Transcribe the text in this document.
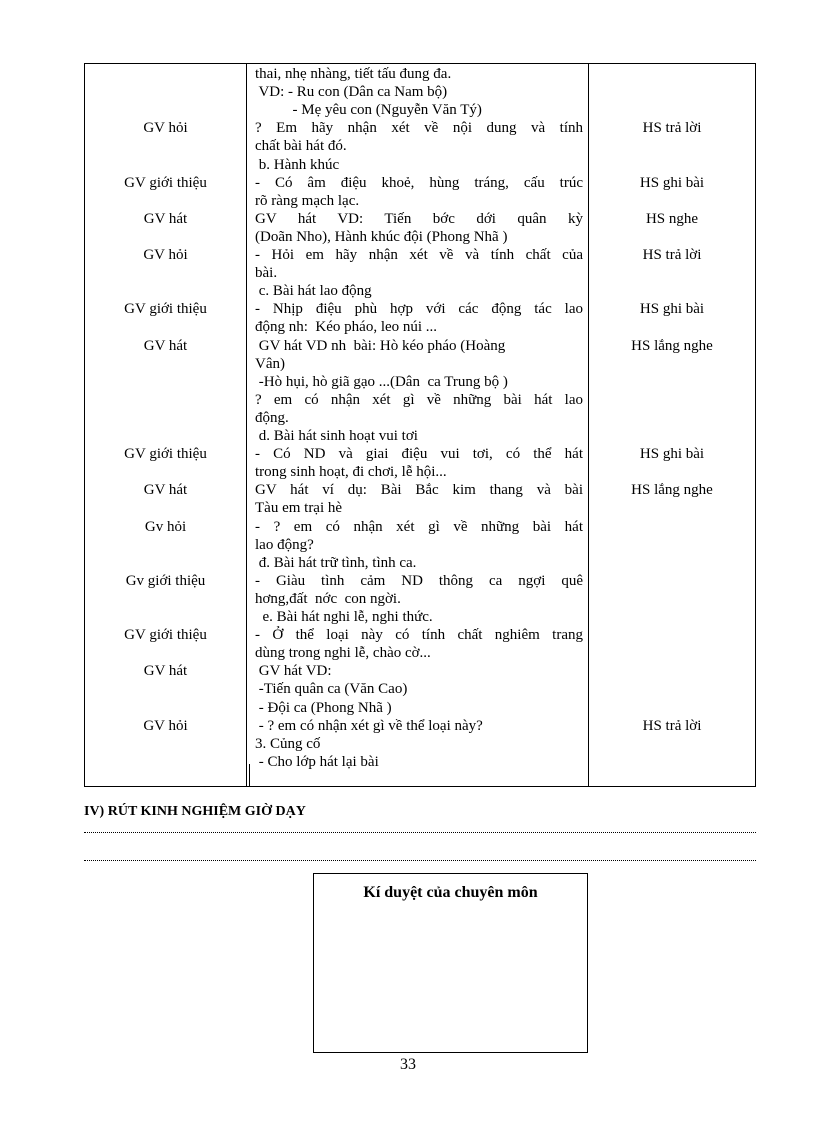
thai, nhẹ nhàng, tiết tấu đung đa.
VD: - Ru con (Dân ca Nam bộ)
- Mẹ yêu con (Nguyễn Văn Tý)
GV hỏi	? Em hãy nhận xét về nội dung và tính	HS trả lời
chất bài hát đó.
b. Hành khúc
GV giới thiệu	- Có âm điệu khoẻ, hùng tráng, cấu trúc	HS ghi bài
rõ ràng mạch lạc.
GV hát	GV hát VD: Tiến bớc dới quân kỳ	HS nghe
(Doãn Nho), Hành khúc đội (Phong Nhã )
GV hỏi	- Hỏi em hãy nhận xét về và tính chất của	HS trả lời
bài.
c. Bài hát lao động
GV giới thiệu	- Nhịp điệu phù hợp với các động tác lao	HS ghi bài
động nh:  Kéo pháo, leo núi ...
GV hát	GV hát VD nh  bài: Hò kéo pháo (Hoàng	HS lắng nghe
Vân)
-Hò hụi, hò giã gạo ...(Dân  ca Trung bộ )
? em có nhận xét gì về những bài hát lao
động.
d. Bài hát sinh hoạt vui tơi
GV giới thiệu	- Có ND và giai điệu vui tơi, có thể hát	HS ghi bài
trong sinh hoạt, đi chơi, lễ hội...
GV hát	GV hát ví dụ: Bài Bắc kim thang và bài	HS lắng nghe
Tàu em trại hè
Gv hỏi	- ? em có nhận xét gì về những bài hát
lao động?
đ. Bài hát trữ tình, tình ca.
Gv giới thiệu	- Giàu tình cảm ND thông ca ngợi quê
hơng,đất  nớc  con ngời.
e. Bài hát nghi lễ, nghi thức.
GV giới thiệu	- Ở thể loại này có tính chất nghiêm trang
dùng trong nghi lễ, chào cờ...
GV hát	GV hát VD:
-Tiến quân ca (Văn Cao)
- Đội ca (Phong Nhã )
GV hỏi	- ? em có nhận xét gì về thể loại này?	HS trả lời
3. Củng cố
- Cho lớp hát lại bài
IV) RÚT KINH NGHIỆM GIỜ DẠY
Kí duyệt của chuyên môn
33
